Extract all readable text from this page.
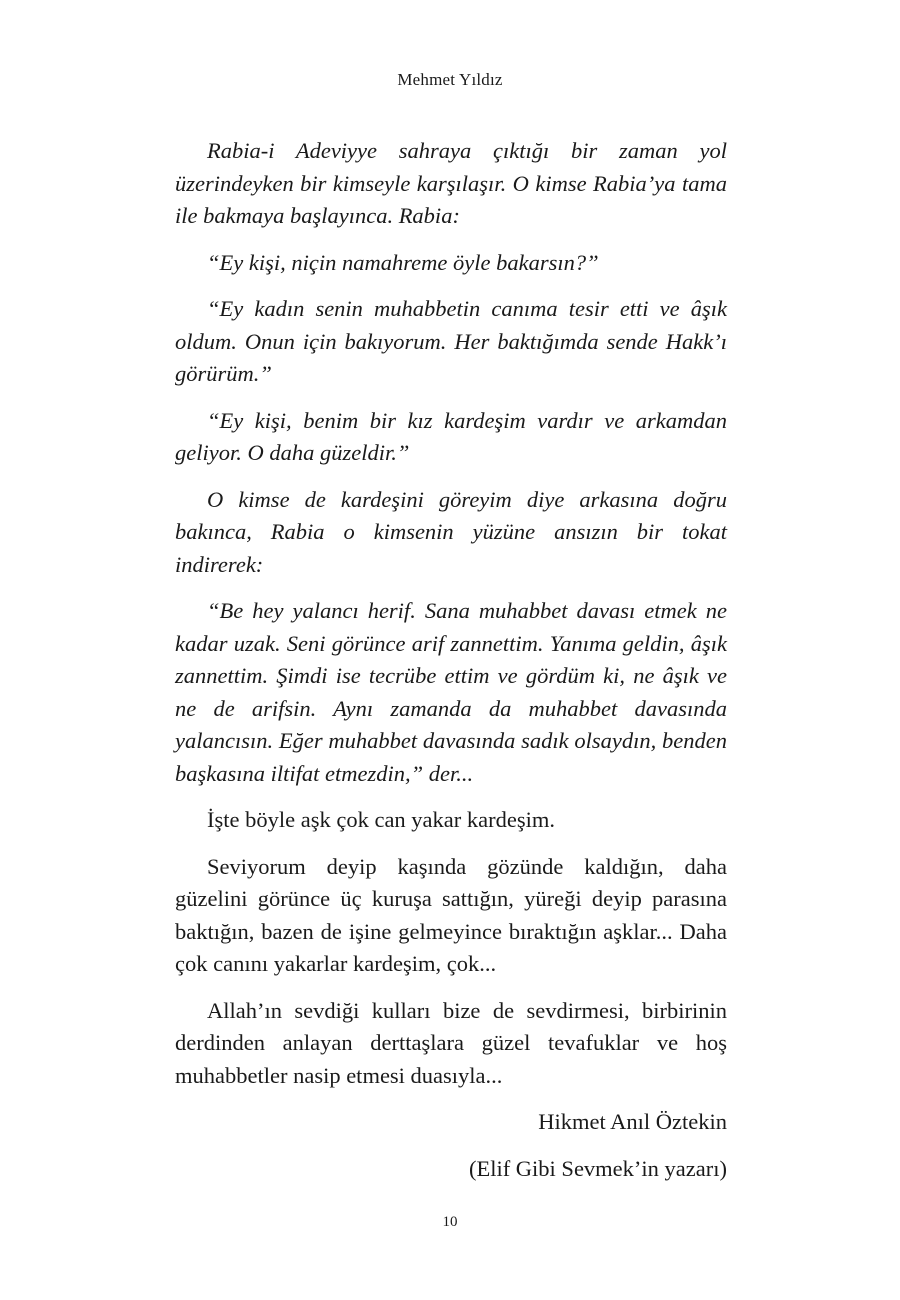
Mehmet Yıldız

Rabia-i Adeviyye sahraya çıktığı bir zaman yol üzerindeyken bir kimseyle karşılaşır. O kimse Rabia’ya tama ile bakmaya başlayınca. Rabia:

“Ey kişi, niçin namahreme öyle bakarsın?”

“Ey kadın senin muhabbetin canıma tesir etti ve âşık oldum. Onun için bakıyorum. Her baktığımda sende Hakk’ı görürüm.”

“Ey kişi, benim bir kız kardeşim vardır ve arkamdan geliyor. O daha güzeldir.”

O kimse de kardeşini göreyim diye arkasına doğru bakınca, Rabia o kimsenin yüzüne ansızın bir tokat indirerek:

“Be hey yalancı herif. Sana muhabbet davası etmek ne kadar uzak. Seni görünce arif zannettim. Yanıma geldin, âşık zannettim. Şimdi ise tecrübe ettim ve gördüm ki, ne âşık ve ne de arifsin. Aynı zamanda da muhabbet davasında yalancısın. Eğer muhabbet davasında sadık olsaydın, benden başkasına iltifat etmezdin,” der...

İşte böyle aşk çok can yakar kardeşim.

Seviyorum deyip kaşında gözünde kaldığın, daha güzelini görünce üç kuruşa sattığın, yüreği deyip parasına baktığın, bazen de işine gelmeyince bıraktığın aşklar... Daha çok canını yakarlar kardeşim, çok...

Allah’ın sevdiği kulları bize de sevdirmesi, birbirinin derdinden anlayan derttaşlara güzel tevafuklar ve hoş muhabbetler nasip etmesi duasıyla...

Hikmet Anıl Öztekin

(Elif Gibi Sevmek’in yazarı)

10
